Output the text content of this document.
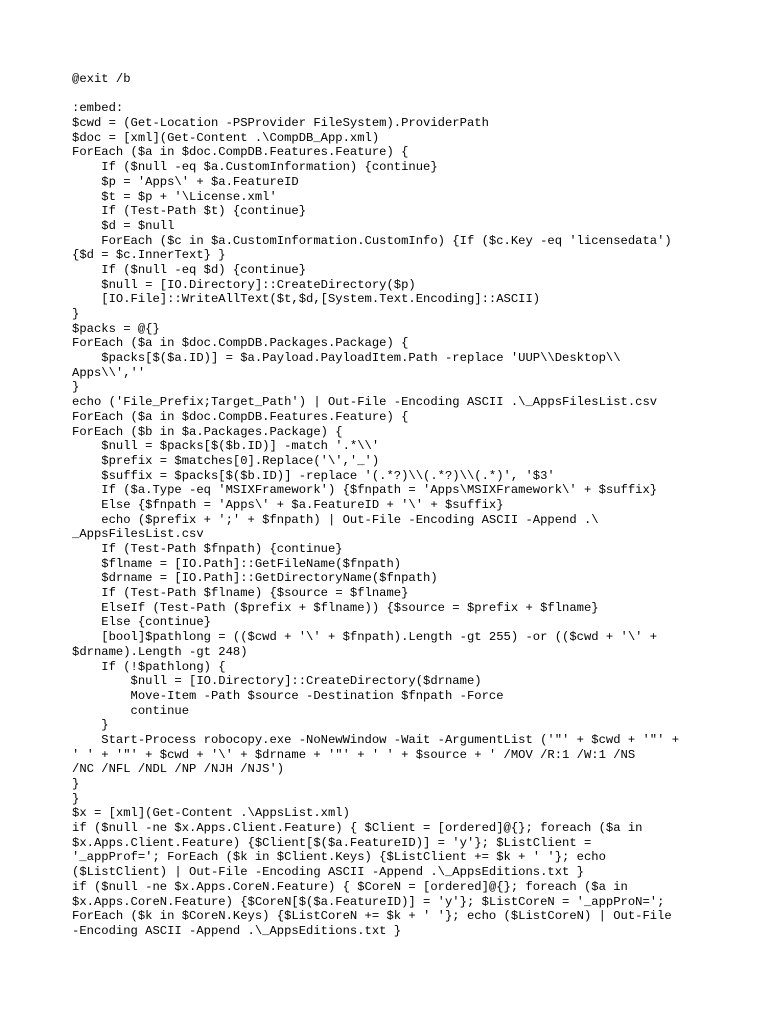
@exit /b
:embed:
$cwd = (Get-Location -PSProvider FileSystem).ProviderPath
$doc = [xml](Get-Content .\CompDB_App.xml)
ForEach ($a in $doc.CompDB.Features.Feature) {
If ($null -eq $a.CustomInformation) {continue}
$p = 'Apps\' + $a.FeatureID
$t = $p + '\License.xml'
If (Test-Path $t) {continue}
$d = $null
ForEach ($c in $a.CustomInformation.CustomInfo) {If ($c.Key -eq 'licensedata')
{$d = $c.InnerText} }
If ($null -eq $d) {continue}
$null = [IO.Directory]::CreateDirectory($p)
[IO.File]::WriteAllText($t,$d,[System.Text.Encoding]::ASCII)
}
$packs = @{}
ForEach ($a in $doc.CompDB.Packages.Package) {
$packs[$($a.ID)] = $a.Payload.PayloadItem.Path -replace 'UUP\\Desktop\\
Apps\\',''
}
echo ('File_Prefix;Target_Path') | Out-File -Encoding ASCII .\_AppsFilesList.csv
ForEach ($a in $doc.CompDB.Features.Feature) {
ForEach ($b in $a.Packages.Package) {
$null = $packs[$($b.ID)] -match '.*\\'
$prefix = $matches[0].Replace('\','_')
$suffix = $packs[$($b.ID)] -replace '(.*?)\\(.*?)\\(.*)', '$3'
If ($a.Type -eq 'MSIXFramework') {$fnpath = 'Apps\MSIXFramework\' + $suffix}
Else {$fnpath = 'Apps\' + $a.FeatureID + '\' + $suffix}
echo ($prefix + ';' + $fnpath) | Out-File -Encoding ASCII -Append .\
_AppsFilesList.csv
If (Test-Path $fnpath) {continue}
$flname = [IO.Path]::GetFileName($fnpath)
$drname = [IO.Path]::GetDirectoryName($fnpath)
If (Test-Path $flname) {$source = $flname}
ElseIf (Test-Path ($prefix + $flname)) {$source = $prefix + $flname}
Else {continue}
[bool]$pathlong = (($cwd + '\' + $fnpath).Length -gt 255) -or (($cwd + '\' +
$drname).Length -gt 248)
If (!$pathlong) {
$null = [IO.Directory]::CreateDirectory($drname)
Move-Item -Path $source -Destination $fnpath -Force
continue
}
Start-Process robocopy.exe -NoNewWindow -Wait -ArgumentList ('"' + $cwd + '"' +
' ' + '"' + $cwd + '\' + $drname + '"' + ' ' + $source + ' /MOV /R:1 /W:1 /NS
/NC /NFL /NDL /NP /NJH /NJS')
}
}
$x = [xml](Get-Content .\AppsList.xml)
if ($null -ne $x.Apps.Client.Feature) { $Client = [ordered]@{}; foreach ($a in
$x.Apps.Client.Feature) {$Client[$($a.FeatureID)] = 'y'}; $ListClient =
'_appProf='; ForEach ($k in $Client.Keys) {$ListClient += $k + ' '}; echo
($ListClient) | Out-File -Encoding ASCII -Append .\_AppsEditions.txt }
if ($null -ne $x.Apps.CoreN.Feature) { $CoreN = [ordered]@{}; foreach ($a in
$x.Apps.CoreN.Feature) {$CoreN[$($a.FeatureID)] = 'y'}; $ListCoreN = '_appProN=';
ForEach ($k in $CoreN.Keys) {$ListCoreN += $k + ' '}; echo ($ListCoreN) | Out-File
-Encoding ASCII -Append .\_AppsEditions.txt }
